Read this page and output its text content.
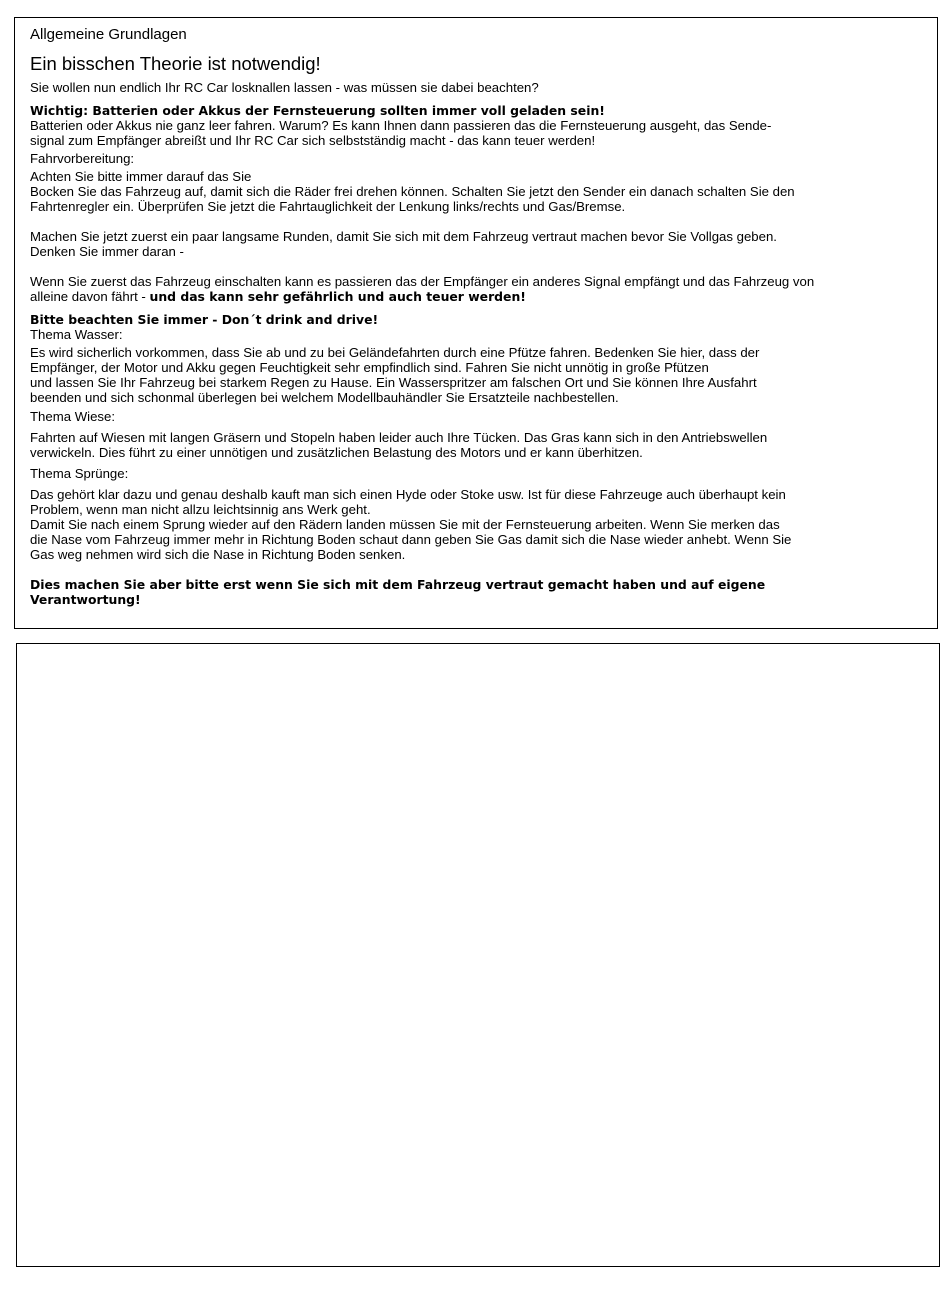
Allgemeine Grundlagen

Ein bisschen Theorie ist notwendig!

Sie wollen nun endlich Ihr RC Car losknallen lassen - was müssen sie dabei beachten?

Wichtig: Batterien oder Akkus der Fernsteuerung sollten immer voll geladen sein!

Batterien oder Akkus nie ganz leer fahren. Warum? Es kann Ihnen dann passieren das die Fernsteuerung ausgeht, das Sende-
signal zum Empfänger abreißt und Ihr RC Car sich selbstständig macht - das kann teuer werden!

Fahrvorbereitung:

Achten Sie bitte immer darauf das Sie

Bocken Sie das Fahrzeug auf, damit sich die Räder frei drehen können. Schalten Sie jetzt den Sender ein danach schalten Sie den
Fahrtenregler ein. Überprüfen Sie jetzt die Fahrtauglichkeit der Lenkung links/rechts und Gas/Bremse.

Machen Sie jetzt zuerst ein paar langsame Runden, damit Sie sich mit dem Fahrzeug vertraut machen bevor Sie Vollgas geben.
Denken Sie immer daran -

Wenn Sie zuerst das Fahrzeug einschalten kann es passieren das der Empfänger ein anderes Signal empfängt und das Fahrzeug von
alleine davon fährt - und das kann sehr gefährlich und auch teuer werden!

Bitte beachten Sie immer - Don´t drink and drive!

Thema Wasser:

Es wird sicherlich vorkommen, dass Sie ab und zu bei Geländefahrten durch eine Pfütze fahren. Bedenken Sie hier, dass der
Empfänger, der Motor und Akku gegen Feuchtigkeit sehr empfindlich sind. Fahren Sie nicht unnötig in große Pfützen
und lassen Sie Ihr Fahrzeug bei starkem Regen zu Hause. Ein Wasserspritzer am falschen Ort und Sie können Ihre Ausfahrt
beenden und sich schonmal überlegen bei welchem Modellbauhändler Sie Ersatzteile nachbestellen.

Thema Wiese:

Fahrten auf Wiesen mit langen Gräsern und Stopeln haben leider auch Ihre Tücken. Das Gras kann sich in den Antriebswellen
verwickeln. Dies führt zu einer unnötigen und zusätzlichen Belastung des Motors und er kann überhitzen.

Thema Sprünge:

Das gehört klar dazu und genau deshalb kauft man sich einen Hyde oder Stoke usw. Ist für diese Fahrzeuge auch überhaupt kein
Problem, wenn man nicht allzu leichtsinnig ans Werk geht.

Damit Sie nach einem Sprung wieder auf den Rädern landen müssen Sie mit der Fernsteuerung arbeiten. Wenn Sie merken das
die Nase vom Fahrzeug immer mehr in Richtung Boden schaut dann geben Sie Gas damit sich die Nase wieder anhebt. Wenn Sie
Gas weg nehmen wird sich die Nase in Richtung Boden senken.

Dies machen Sie aber bitte erst wenn Sie sich mit dem Fahrzeug vertraut gemacht haben und auf eigene
Verantwortung!
